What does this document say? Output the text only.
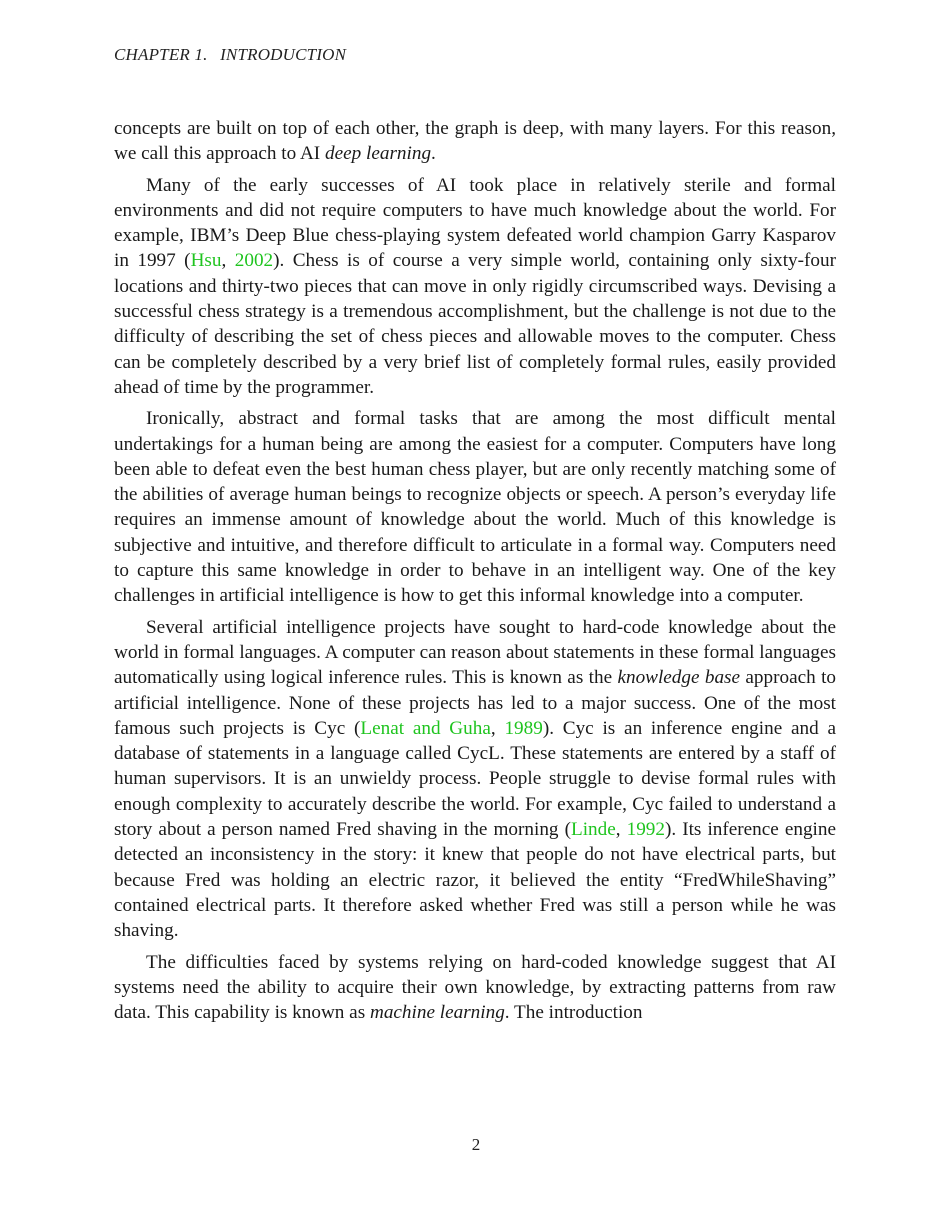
CHAPTER 1. INTRODUCTION

concepts are built on top of each other, the graph is deep, with many layers. For this reason, we call this approach to AI deep learning.

Many of the early successes of AI took place in relatively sterile and formal environments and did not require computers to have much knowledge about the world. For example, IBM’s Deep Blue chess-playing system defeated world champion Garry Kasparov in 1997 (Hsu, 2002). Chess is of course a very simple world, containing only sixty-four locations and thirty-two pieces that can move in only rigidly circumscribed ways. Devising a successful chess strategy is a tremendous accomplishment, but the challenge is not due to the difficulty of describing the set of chess pieces and allowable moves to the computer. Chess can be completely described by a very brief list of completely formal rules, easily provided ahead of time by the programmer.

Ironically, abstract and formal tasks that are among the most difficult mental undertakings for a human being are among the easiest for a computer. Computers have long been able to defeat even the best human chess player, but are only recently matching some of the abilities of average human beings to recognize objects or speech. A person’s everyday life requires an immense amount of knowledge about the world. Much of this knowledge is subjective and intuitive, and therefore difficult to articulate in a formal way. Computers need to capture this same knowledge in order to behave in an intelligent way. One of the key challenges in artificial intelligence is how to get this informal knowledge into a computer.

Several artificial intelligence projects have sought to hard-code knowledge about the world in formal languages. A computer can reason about statements in these formal languages automatically using logical inference rules. This is known as the knowledge base approach to artificial intelligence. None of these projects has led to a major success. One of the most famous such projects is Cyc (Lenat and Guha, 1989). Cyc is an inference engine and a database of statements in a language called CycL. These statements are entered by a staff of human supervisors. It is an unwieldy process. People struggle to devise formal rules with enough complexity to accurately describe the world. For example, Cyc failed to understand a story about a person named Fred shaving in the morning (Linde, 1992). Its inference engine detected an inconsistency in the story: it knew that people do not have electrical parts, but because Fred was holding an electric razor, it believed the entity “FredWhileShaving” contained electrical parts. It therefore asked whether Fred was still a person while he was shaving.

The difficulties faced by systems relying on hard-coded knowledge suggest that AI systems need the ability to acquire their own knowledge, by extracting patterns from raw data. This capability is known as machine learning. The introduction

2
